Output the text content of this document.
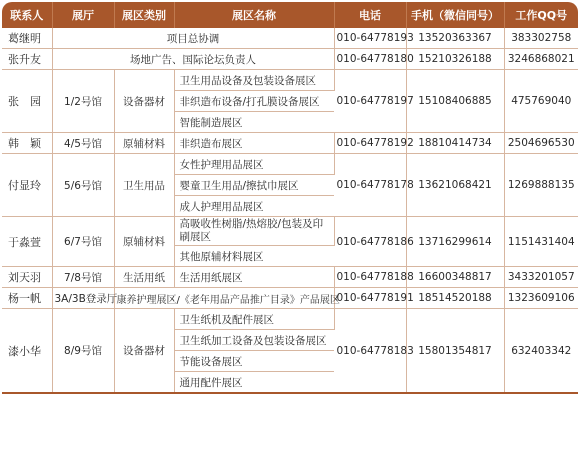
联系人	展厅	展区类别	展区名称	电话	手机（微信同号）	工作QQ号
葛继明	项目总协调			010-64778193	13520363367	383302758
张升友	场地广告、国际论坛负责人			010-64778180	15210326188	3246868021
张　园	1/2号馆	设备器材	卫生用品设备及包装设备展区	010-64778197	15108406885	475769040
			非织造布设备/打孔膜设备展区			
			智能制造展区			
韩　颖	4/5号馆	原辅材料	非织造布展区	010-64778192	18810414734	2504696530
付显玲	5/6号馆	卫生用品	女性护理用品展区	010-64778178	13621068421	1269888135
			婴童卫生用品/擦拭巾展区			
			成人护理用品展区			
于淼萱	6/7号馆	原辅材料	高吸收性树脂/热熔胶/包装及印刷展区	010-64778186	13716299614	1151431404
			其他原辅材料展区			
刘天羽	7/8号馆	生活用纸	生活用纸展区	010-64778188	16600348817	3433201057
杨一帆	3A/3B登录厅	康养护理展区/《老年用品产品推广目录》产品展区		010-64778191	18514520188	1323609106
漆小华	8/9号馆	设备器材	卫生纸机及配件展区	010-64778183	15801354817	632403342
			卫生纸加工设备及包装设备展区			
			节能设备展区			
			通用配件展区			
